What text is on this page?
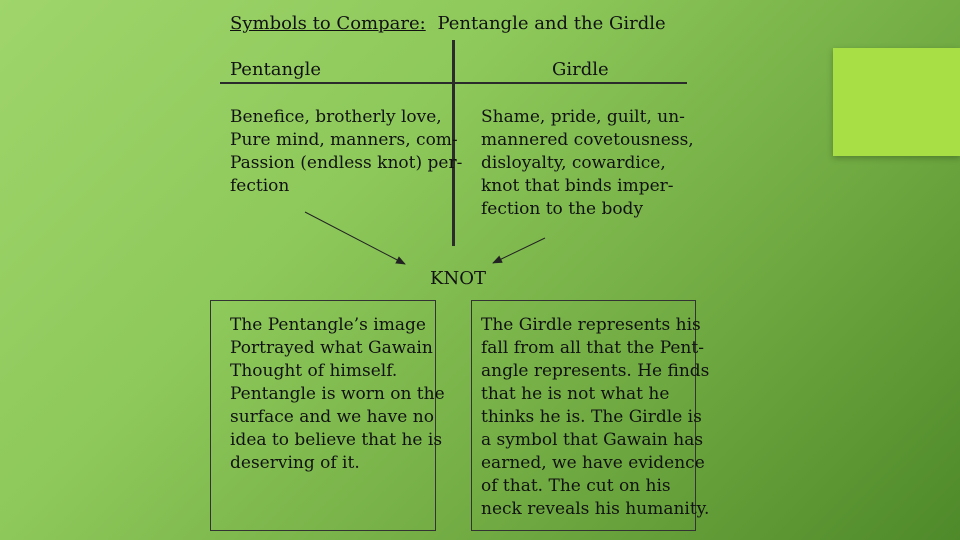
Symbols to Compare: Pentangle and the Girdle
Pentangle	Girdle
Benefice, brotherly love,
Pure mind, manners, com-
Passion (endless knot) per-
fection
Shame, pride, guilt, un-
mannered covetousness,
disloyalty, cowardice,
knot that binds imper-
fection to the body
KNOT
The Pentangle’s image
Portrayed what Gawain
Thought of himself.
Pentangle is worn on the
surface and we have no
idea to believe that he is
deserving of it.
The Girdle represents his
fall from all that the Pent-
angle represents. He finds
that he is not what he
thinks he is. The Girdle is
a symbol that Gawain has
earned, we have evidence
of that. The cut on his
neck reveals his humanity.
